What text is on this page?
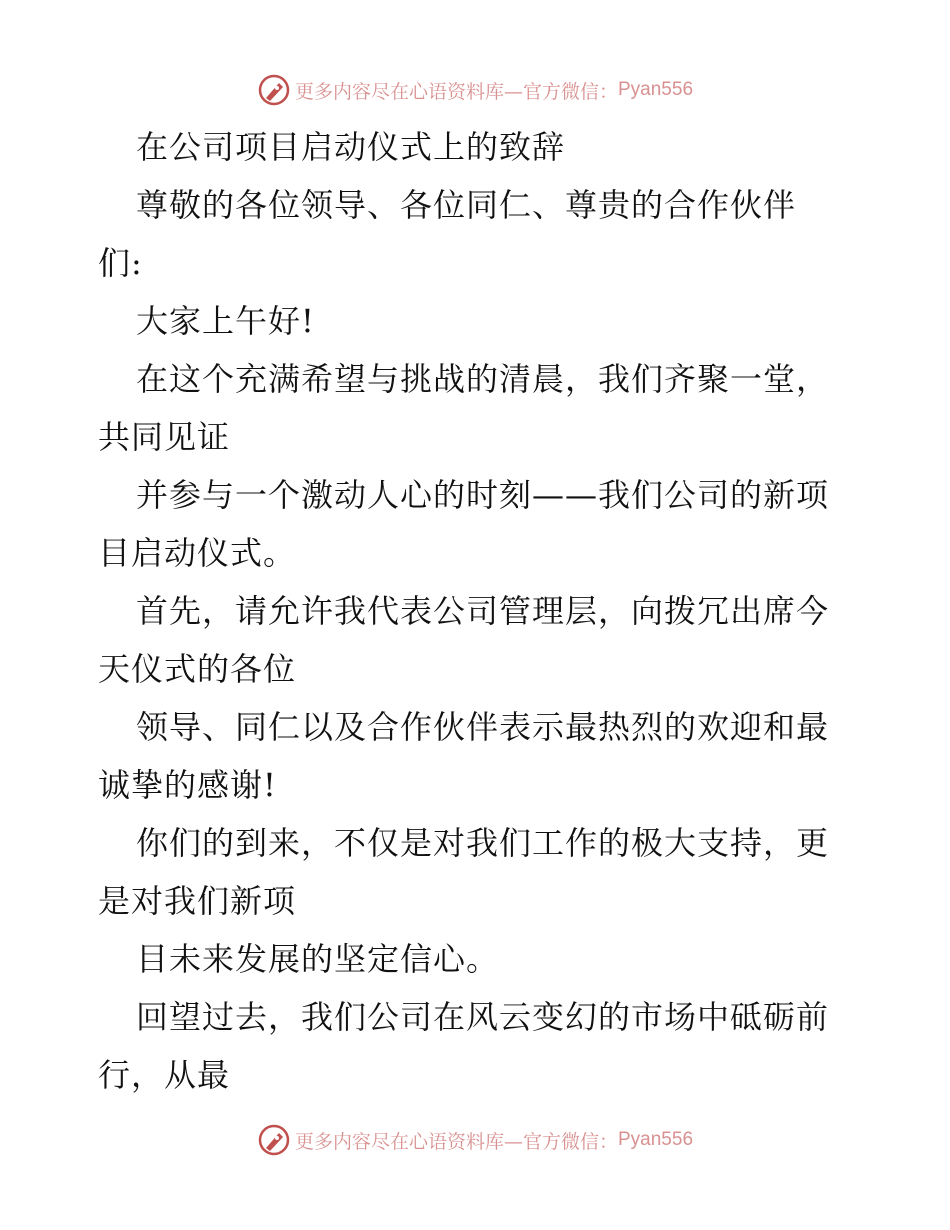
更多内容尽在心语资料库—官方微信： Pyan556
在公司项目启动仪式上的致辞
尊敬的各位领导、各位同仁、尊贵的合作伙伴
们:
大家上午好!
在这个充满希望与挑战的清晨，我们齐聚一堂，
共同见证
并参与一个激动人心的时刻——我们公司的新项
目启动仪式。
首先，请允许我代表公司管理层，向拨冗出席今
天仪式的各位
领导、同仁以及合作伙伴表示最热烈的欢迎和最
诚挚的感谢!
你们的到来，不仅是对我们工作的极大支持，更
是对我们新项
目未来发展的坚定信心。
回望过去，我们公司在风云变幻的市场中砥砺前
行，从最
更多内容尽在心语资料库—官方微信： Pyan556
